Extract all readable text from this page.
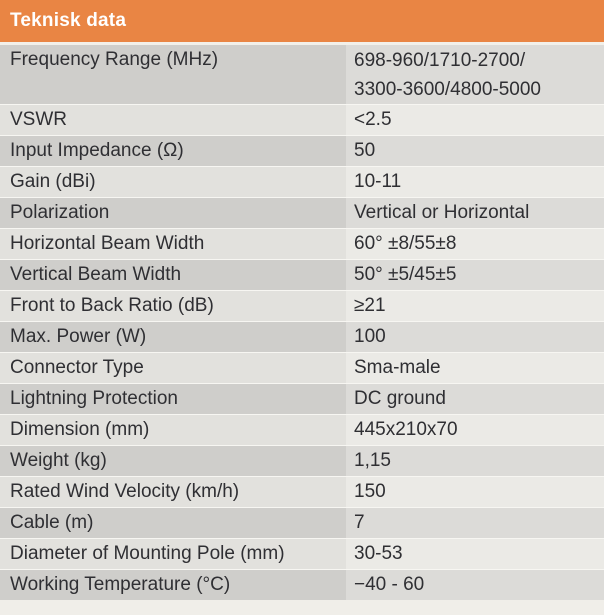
Teknisk data
Frequency Range (MHz)	698-960/1710-2700/
3300-3600/4800-5000
VSWR	<2.5
Input Impedance (Ω)	50
Gain (dBi)	10-11
Polarization	Vertical or Horizontal
Horizontal Beam Width	60° ±8/55±8
Vertical Beam Width	50° ±5/45±5
Front to Back Ratio (dB)	≥21
Max. Power (W)	100
Connector Type	Sma-male
Lightning Protection	DC ground
Dimension (mm)	445x210x70
Weight (kg)	1,15
Rated Wind Velocity (km/h)	150
Cable (m)	7
Diameter of Mounting Pole (mm)	30-53
Working Temperature (°C)	−40 - 60
